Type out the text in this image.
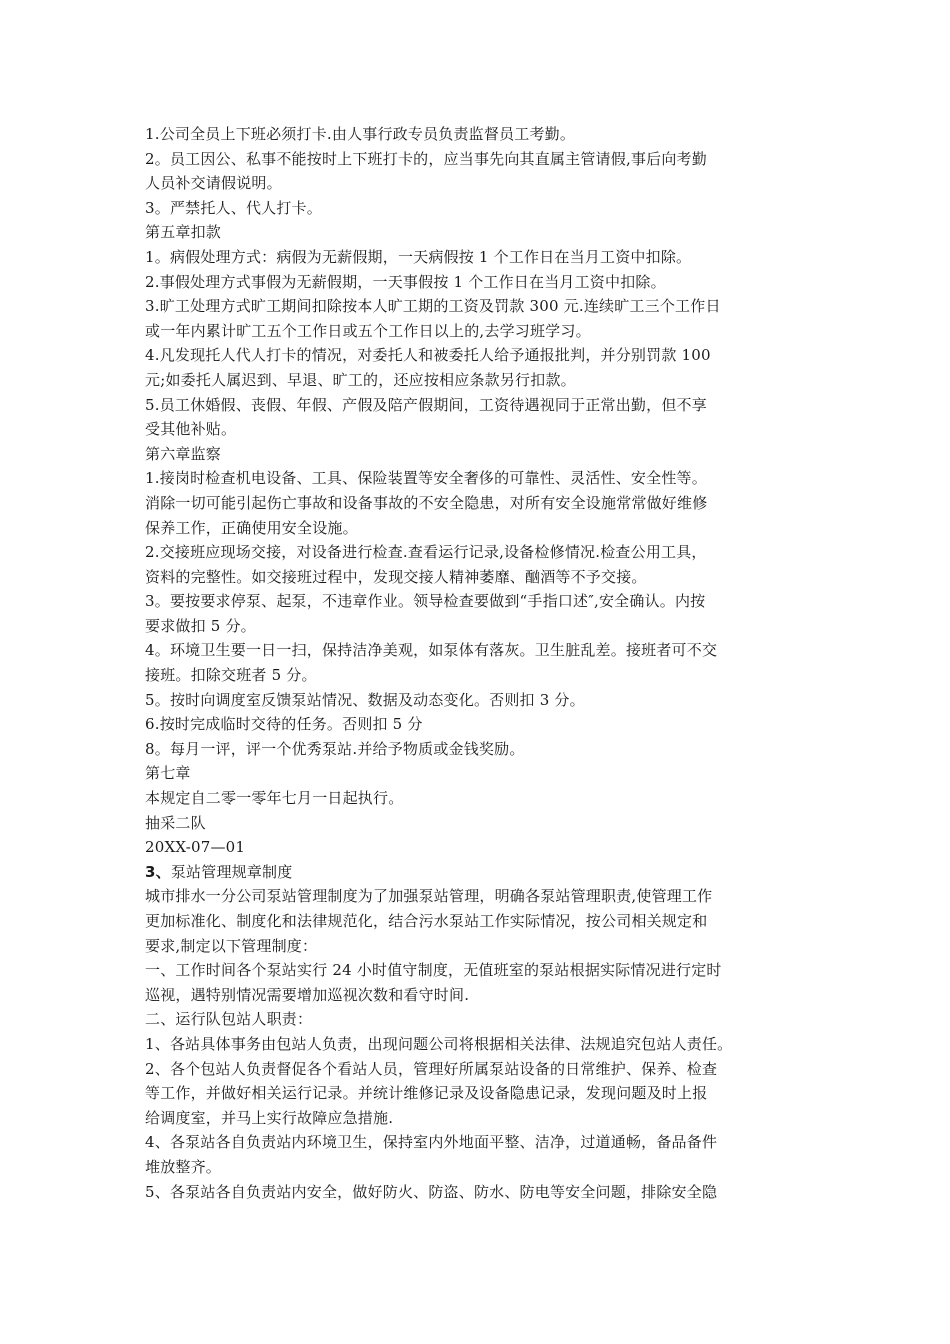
1.公司全员上下班必须打卡.由人事行政专员负责监督员工考勤。
2。员工因公、私事不能按时上下班打卡的，应当事先向其直属主管请假,事后向考勤
人员补交请假说明。
3。严禁托人、代人打卡。
第五章扣款
1。病假处理方式：病假为无薪假期，一天病假按 1 个工作日在当月工资中扣除。
2.事假处理方式事假为无薪假期，一天事假按 1 个工作日在当月工资中扣除。
3.旷工处理方式旷工期间扣除按本人旷工期的工资及罚款 300 元.连续旷工三个工作日
或一年内累计旷工五个工作日或五个工作日以上的,去学习班学习。
4.凡发现托人代人打卡的情况，对委托人和被委托人给予通报批判，并分别罚款 100
元;如委托人属迟到、早退、旷工的，还应按相应条款另行扣款。
5.员工休婚假、丧假、年假、产假及陪产假期间，工资待遇视同于正常出勤，但不享
受其他补贴。
第六章监察
1.接岗时检查机电设备、工具、保险装置等安全奢侈的可靠性、灵活性、安全性等。
消除一切可能引起伤亡事故和设备事故的不安全隐患，对所有安全设施常常做好维修
保养工作，正确使用安全设施。
2.交接班应现场交接，对设备进行检查.查看运行记录,设备检修情况.检查公用工具，
资料的完整性。如交接班过程中，发现交接人精神萎靡、酗酒等不予交接。
3。要按要求停泵、起泵，不违章作业。领导检查要做到“手指口述″,安全确认。内按
要求做扣 5 分。
4。环境卫生要一日一扫，保持洁净美观，如泵体有落灰。卫生脏乱差。接班者可不交
接班。扣除交班者 5 分。
5。按时向调度室反馈泵站情况、数据及动态变化。否则扣 3 分。
6.按时完成临时交待的任务。否则扣 5 分
8。每月一评，评一个优秀泵站.并给予物质或金钱奖励。
第七章
本规定自二零一零年七月一日起执行。
抽采二队
20XX-07—01
3、泵站管理规章制度
城市排水一分公司泵站管理制度为了加强泵站管理，明确各泵站管理职责,使管理工作
更加标准化、制度化和法律规范化，结合污水泵站工作实际情况，按公司相关规定和
要求,制定以下管理制度：
一、工作时间各个泵站实行 24 小时值守制度，无值班室的泵站根据实际情况进行定时
巡视，遇特别情况需要增加巡视次数和看守时间.
二、运行队包站人职责：
1、各站具体事务由包站人负责，出现问题公司将根据相关法律、法规追究包站人责任。
2、各个包站人负责督促各个看站人员，管理好所属泵站设备的日常维护、保养、检查
等工作，并做好相关运行记录。并统计维修记录及设备隐患记录，发现问题及时上报
给调度室，并马上实行故障应急措施.
4、各泵站各自负责站内环境卫生，保持室内外地面平整、洁净，过道通畅，备品备件
堆放整齐。
5、各泵站各自负责站内安全，做好防火、防盗、防水、防电等安全问题，排除安全隐
